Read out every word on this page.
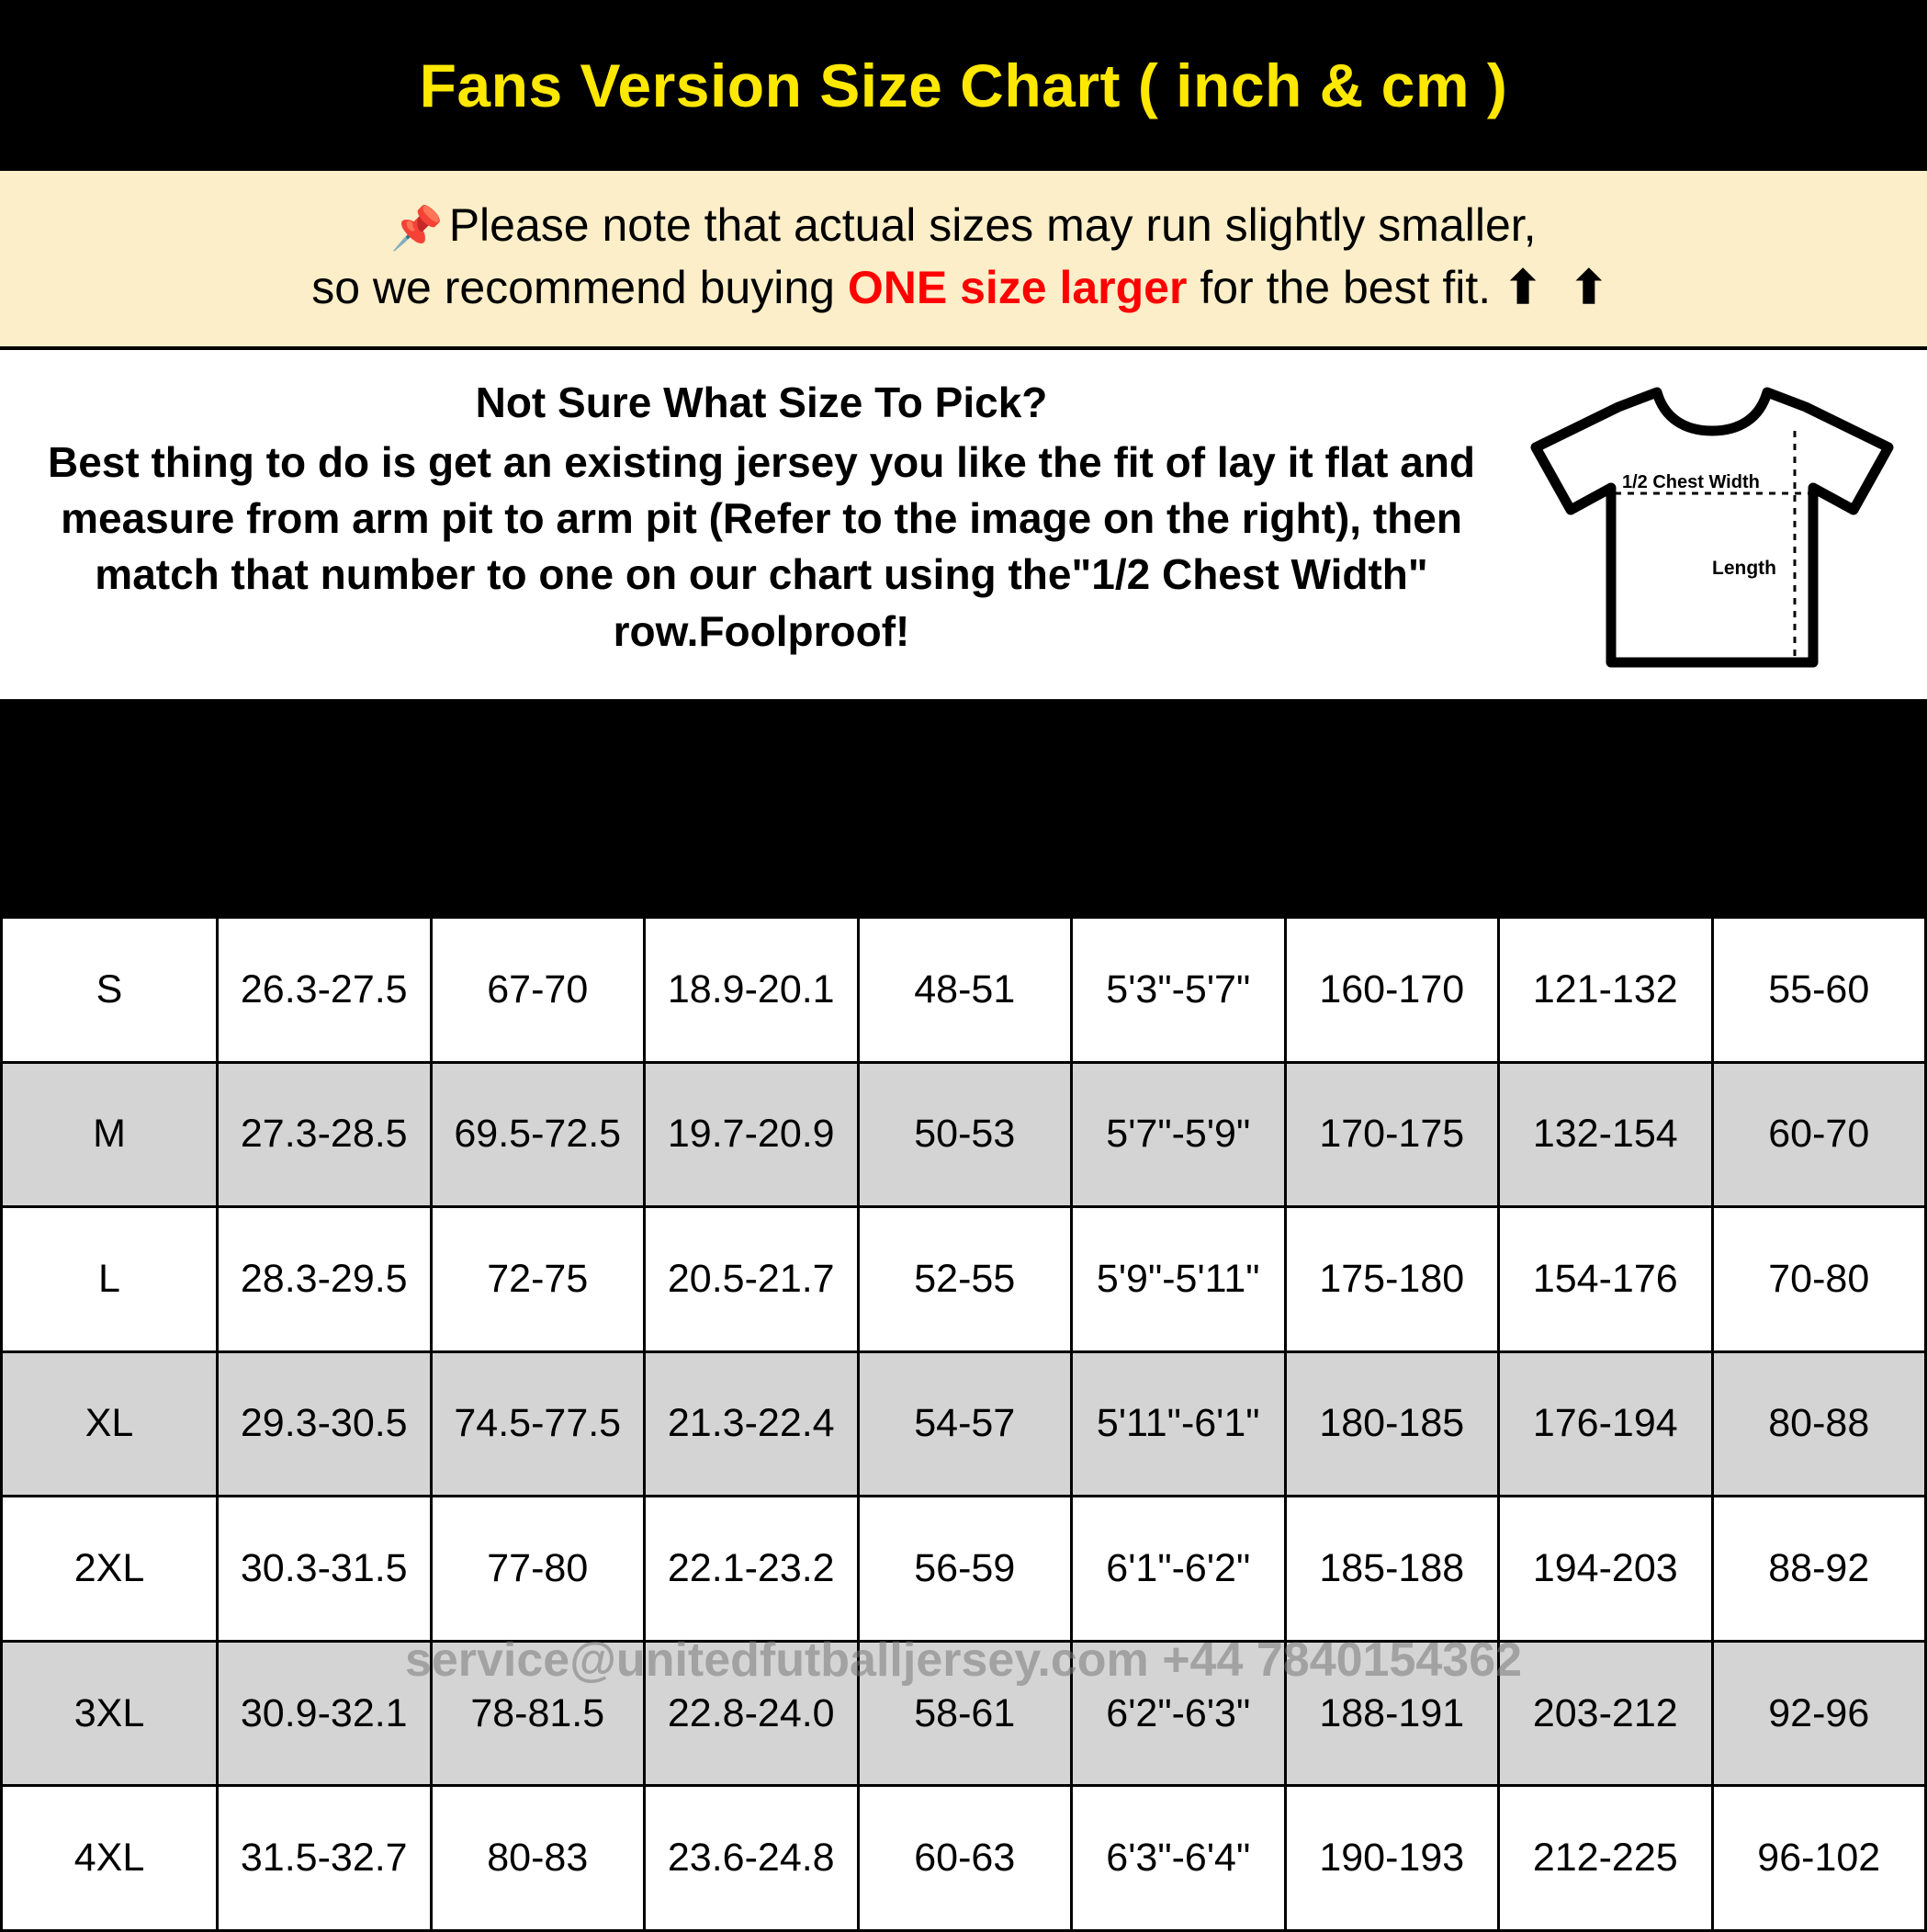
Fans Version Size Chart ( inch & cm )
📌 Please note that actual sizes may run slightly smaller,
so we recommend buying ONE size larger for the best fit. ⬆ ⬆
Not Sure What Size To Pick?
Best thing to do is get an existing jersey you like the fit of lay it flat and measure from arm pit to arm pit (Refer to the image on the right), then match that number to one on our chart using the"1/2 Chest Width" row.Foolproof!
1/2 Chest Width
Length
service@unitedfutballjersey.com +44 7840154362
SIZE	Length		1/2 Chest Width		Height		Weight	
	inch	cm	inch	cm	inch	cm	Pound	KG
S	26.3-27.5	67-70	18.9-20.1	48-51	5'3"-5'7"	160-170	121-132	55-60
M	27.3-28.5	69.5-72.5	19.7-20.9	50-53	5'7"-5'9"	170-175	132-154	60-70
L	28.3-29.5	72-75	20.5-21.7	52-55	5'9"-5'11"	175-180	154-176	70-80
XL	29.3-30.5	74.5-77.5	21.3-22.4	54-57	5'11"-6'1"	180-185	176-194	80-88
2XL	30.3-31.5	77-80	22.1-23.2	56-59	6'1"-6'2"	185-188	194-203	88-92
3XL	30.9-32.1	78-81.5	22.8-24.0	58-61	6'2"-6'3"	188-191	203-212	92-96
4XL	31.5-32.7	80-83	23.6-24.8	60-63	6'3"-6'4"	190-193	212-225	96-102
